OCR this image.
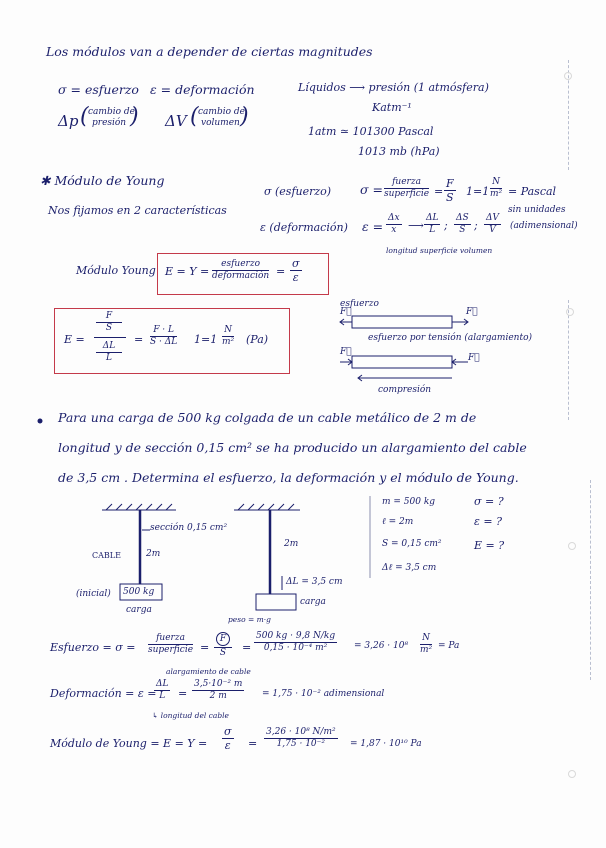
Los módulos van a depender de ciertas magnitudes
σ = esfuerzo ε = deformación
Δp ( cambio de
presión ) ΔV ( cambio de
volumen )
Líquidos ⟶ presión (1 atmósfera)
Katm⁻¹
1atm ≃ 101300 Pascal
1013 mb (hPa)
✱ Módulo de Young
Nos fijamos en 2 características
σ (esfuerzo)
ε (deformación)
σ =	fuerza
superficie = $\frac{F}{S} 1=1 \frac{N}{\text{m²}}$ = Pascal
$\varepsilon = \frac{\Delta x}{x}$ ⟶ $\frac{\Delta L}{L}$ ; $\frac{\Delta S}{S}$ ; $\frac{\Delta V}{V}$
sin unidades
(adimensional)
longitud superficie volumen
Módulo Young E = Y =
esfuerzo
deformación = $\frac{\sigma}{\varepsilon}$
E =
$\frac{F}{S}$
$\frac{\Delta L}{L}$
= $\frac{F \cdot L}{S \cdot \Delta L} 1=1 \frac{N}{\text{m²}} (Pa)$
esfuerzo
F⃗	F⃗
esfuerzo por tensión (alargamiento)
F⃗
F⃗
compresión
Para una carga de 500 kg colgada de un cable metálico de 2 m de
longitud y de sección 0,15 cm² se ha producido un alargamiento del cable
de 3,5 cm . Determina el esfuerzo, la deformación y el módulo de Young.
sección 0,15 cm²
CABLE	2m
(inicial) 500 kg
carga
2m
ΔL = 3,5 cm
carga
m = 500 kg
ℓ = 2m
S = 0,15 cm²
Δℓ = 3,5 cm
σ = ?
ε = ?
E = ?
Esfuerzo = σ =
fuerza
superficie = $\frac{F}{S}$
peso = m·g
= $\frac{500 kg \cdot 9,8 N/kg}{\text{0,15 · 10⁻⁴ m²}} = 3,26 \cdot 10^8 \frac{N}{\text{m²}} = Pa$
alargamiento de cable
Deformación = ε =
$\frac{\Delta L}{L} = \frac{\text{3,5·10⁻² m}}{2 m} = 1,75 \cdot 10^{-2}$ adimensional
↳ longitud del cable
Módulo de Young = $E = Y = \frac{\sigma}{\varepsilon} = \frac{\text{3,26 · 10⁸ N/m²}}{\text{1,75 · 10⁻²}} = 1,87 \cdot 10^{10}$ Pa
